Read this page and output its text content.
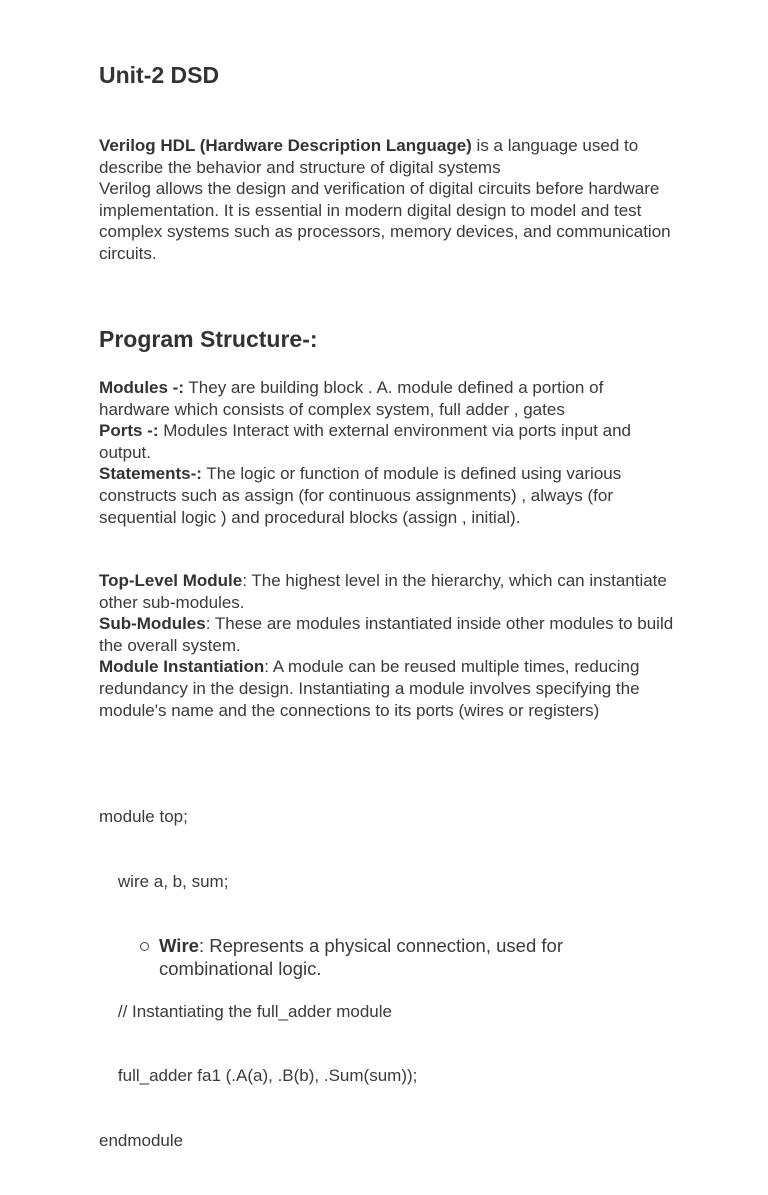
Unit-2 DSD

Verilog HDL (Hardware Description Language) is a language used to describe the behavior and structure of digital systems

Verilog allows the design and verification of digital circuits before hardware implementation. It is essential in modern digital design to model and test complex systems such as processors, memory devices, and communication circuits.

Program Structure-:

Modules -: They are building block . A. module defined a portion of hardware which consists of complex system, full adder , gates

Ports -: Modules Interact with external environment via ports input and output.

Statements-: The logic or function of module is defined using various constructs such as assign (for continuous assignments) , always (for sequential logic ) and procedural blocks (assign , initial).

Top-Level Module: The highest level in the hierarchy, which can instantiate other sub-modules.

Sub-Modules: These are modules instantiated inside other modules to build the overall system.

Module Instantiation: A module can be reused multiple times, reducing redundancy in the design. Instantiating a module involves specifying the module's name and the connections to its ports (wires or registers)

module top;

wire a, b, sum;

// Instantiating the full_adder module

full_adder fa1 (.A(a), .B(b), .Sum(sum));

endmodule

Wire: Represents a physical connection, used for combinational logic.
